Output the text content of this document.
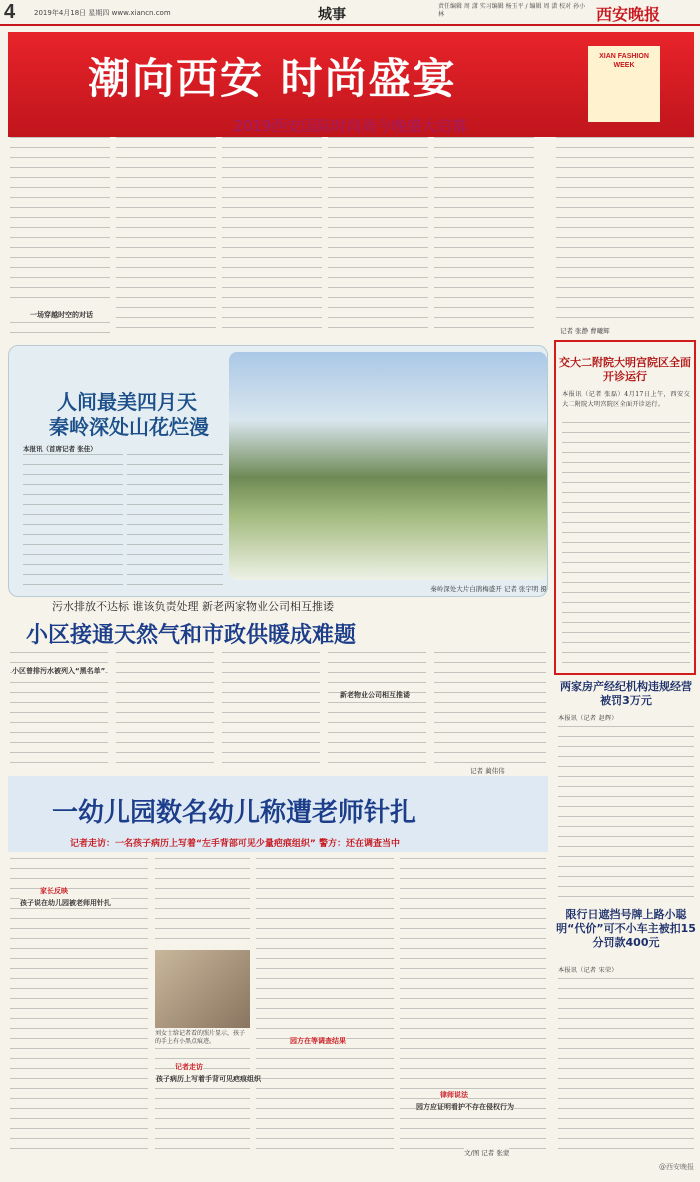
4	2019年4月18日 星期四 www.xiancn.com	城事
责任编辑 周 潇 实习编辑 杨玉平 / 编辑 周 潇 校对 孙小林	西安晚报
潮向西安 时尚盛宴	XIAN FASHION WEEK
2019西安国际时尚周今晚盛大启幕
一场穿越时空的对话
记者 张静 曹曦辉
交大二附院大明宫院区全面开诊运行
本报讯（记者 张磊）4月17日上午，西安交大二附院大明宫院区全面开诊运行。
人间最美四月天
秦岭深处山花烂漫
本报讯（首席记者 张佳）
秦岭深处大片白鹃梅盛开 记者 张宇明 摄
污水排放不达标 谁该负责处理 新老两家物业公司相互推诿
小区接通天然气和市政供暖成难题
小区曾排污水被列入“黑名单”
新老物业公司相互推诿
记者 蔺伟伟
两家房产经纪机构违规经营被罚3万元
本报讯（记者 赵辉）
一幼儿园数名幼儿称遭老师针扎
记者走访：一名孩子病历上写着“左手背部可见少量疤痕组织” 警方：还在调查当中
家长反映
孩子说在幼儿园被老师用针扎
刘女士给记者看的照片显示，孩子的手上有小黑点痕迹。
记者走访
孩子病历上写着手背可见疤痕组织
园方在等调查结果
律师说法
园方应证明看护不存在侵权行为
文/图 记者 张蒙
限行日遮挡号牌上路小聪明“代价”可不小车主被扣15分罚款400元
本报讯（记者 宋荣）
@西安晚报
